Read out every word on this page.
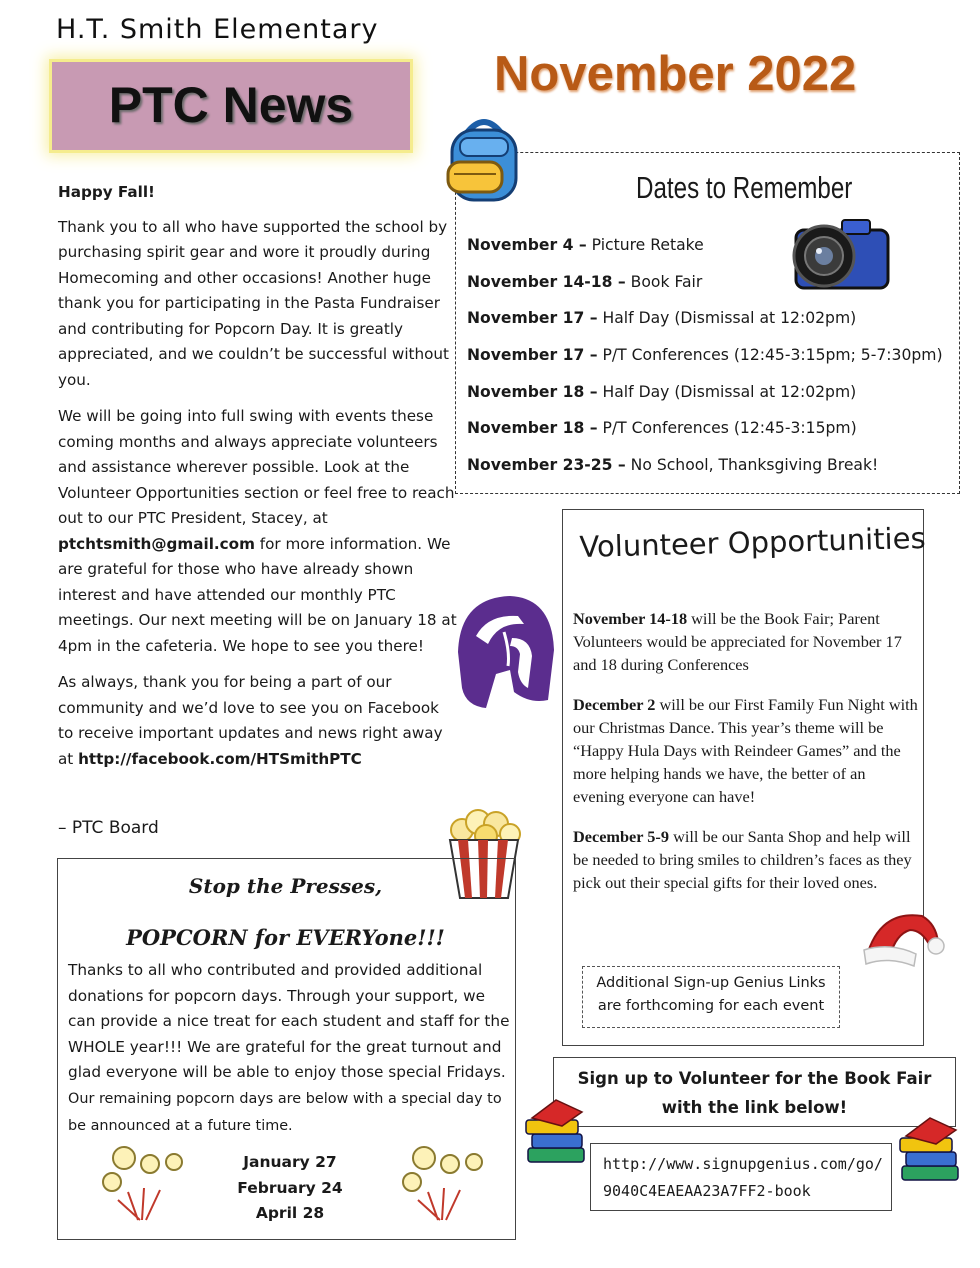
H.T. Smith Elementary
PTC News
November 2022

Happy Fall!

Thank you to all who have supported the school by purchasing spirit gear and wore it proudly during Homecoming and other occasions! Another huge thank you for participating in the Pasta Fundraiser and contributing for Popcorn Day. It is greatly appreciated, and we couldn’t be successful without you.

We will be going into full swing with events these coming months and always appreciate volunteers and assistance wherever possible. Look at the Volunteer Opportunities section or feel free to reach out to our PTC President, Stacey, at ptchtsmith@gmail.com for more information. We are grateful for those who have already shown interest and have attended our monthly PTC meetings. Our next meeting will be on January 18 at 4pm in the cafeteria. We hope to see you there!

As always, thank you for being a part of our community and we’d love to see you on Facebook to receive important updates and news right away at http://facebook.com/HTSmithPTC

– PTC Board
Dates to Remember
November 4 – Picture Retake
November 14-18 – Book Fair
November 17 – Half Day (Dismissal at 12:02pm)
November 17 – P/T Conferences (12:45-3:15pm; 5-7:30pm)
November 18 – Half Day (Dismissal at 12:02pm)
November 18 – P/T Conferences (12:45-3:15pm)
November 23-25 – No School, Thanksgiving Break!
Volunteer Opportunities

November 14-18 will be the Book Fair; Parent Volunteers would be appreciated for November 17 and 18 during Conferences

December 2 will be our First Family Fun Night with our Christmas Dance. This year’s theme will be “Happy Hula Days with Reindeer Games” and the more helping hands we have, the better of an evening everyone can have!

December 5-9 will be our Santa Shop and help will be needed to bring smiles to children’s faces as they pick out their special gifts for their loved ones.

Additional Sign-up Genius Links
are forthcoming for each event
Stop the Presses,
POPCORN for EVERYone!!!
Thanks to all who contributed and provided additional donations for popcorn days. Through your support, we can provide a nice treat for each student and staff for the WHOLE year!!! We are grateful for the great turnout and glad everyone will be able to enjoy those special Fridays. Our remaining popcorn days are below with a special day to be announced at a future time.
January 27
February 24
April 28
Sign up to Volunteer for the Book Fair
with the link below!
http://www.signupgenius.com/go/
9040C4EAEAA23A7FF2-book
